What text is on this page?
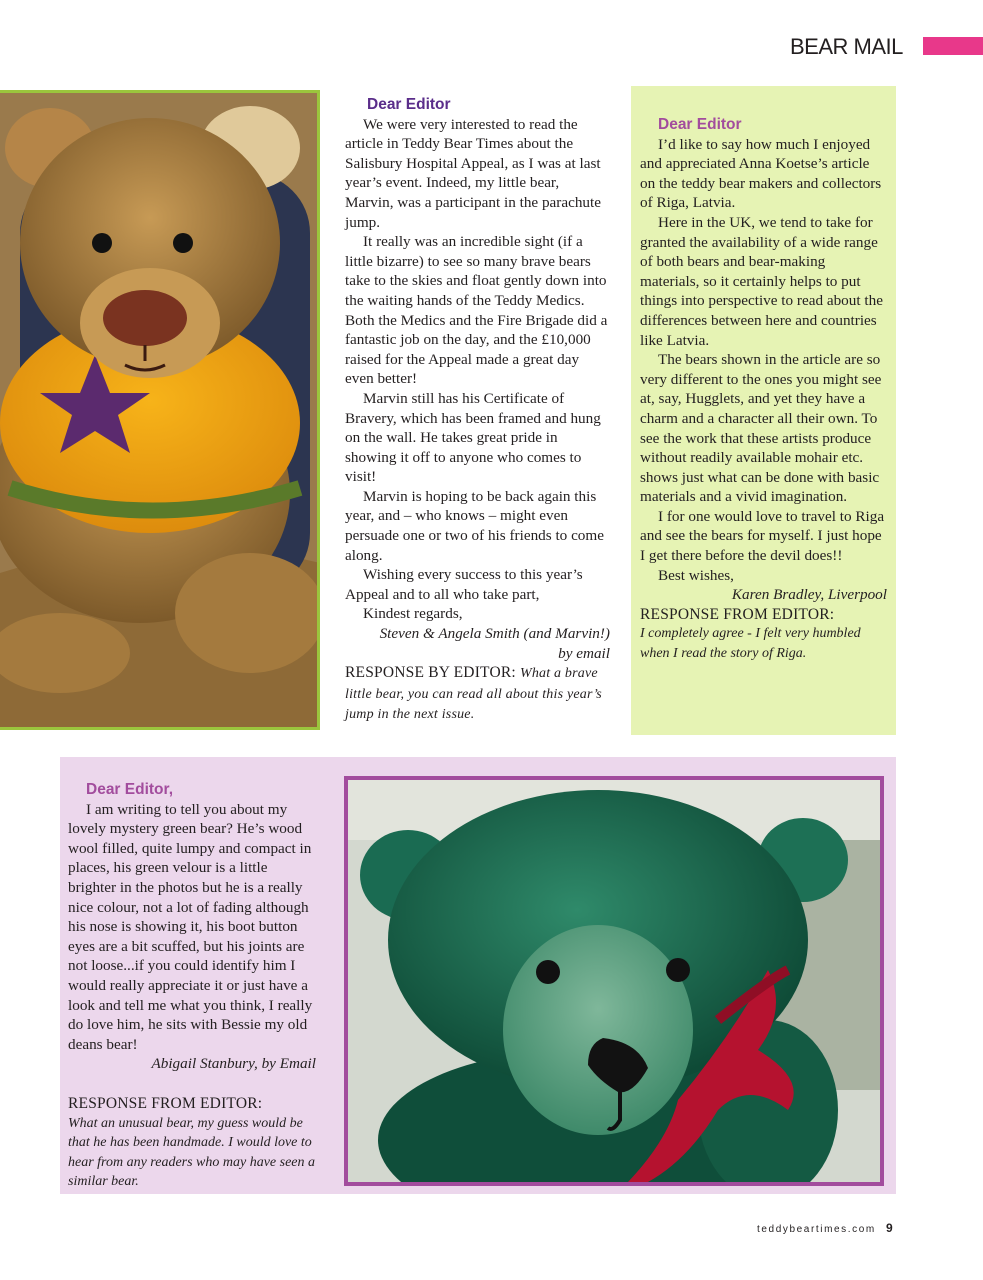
BEAR MAIL

Dear Editor

We were very interested to read the article in Teddy Bear Times about the Salisbury Hospital Appeal, as I was at last year’s event. Indeed, my little bear, Marvin, was a participant in the parachute jump.

It really was an incredible sight (if a little bizarre) to see so many brave bears take to the skies and float gently down into the waiting hands of the Teddy Medics. Both the Medics and the Fire Brigade did a fantastic job on the day, and the £10,000 raised for the Appeal made a great day even better!

Marvin still has his Certificate of Bravery, which has been framed and hung on the wall. He takes great pride in showing it off to anyone who comes to visit!

Marvin is hoping to be back again this year, and – who knows – might even persuade one or two of his friends to come along.

Wishing every success to this year’s Appeal and to all who take part,

Kindest regards,

Steven & Angela Smith (and Marvin!)

by email

RESPONSE BY EDITOR: What a brave little bear, you can read all about this year’s jump in the next issue.

Dear Editor

I’d like to say how much I enjoyed and appreciated Anna Koetse’s article on the teddy bear makers and collectors of Riga, Latvia.

Here in the UK, we tend to take for granted the availability of a wide range of both bears and bear-making materials, so it certainly helps to put things into perspective to read about the differences between here and countries like Latvia.

The bears shown in the article are so very different to the ones you might see at, say, Hugglets, and yet they have a charm and a character all their own. To see the work that these artists produce without readily available mohair etc. shows just what can be done with basic materials and a vivid imagination.

I for one would love to travel to Riga and see the bears for myself. I just hope I get there before the devil does!!

Best wishes,

Karen Bradley, Liverpool

RESPONSE FROM EDITOR:

I completely agree - I felt very humbled when I read the story of Riga.

Dear Editor,

I am writing to tell you about my lovely mystery green bear? He’s wood wool filled, quite lumpy and compact in places, his green velour is a little brighter in the photos but he is a really nice colour, not a lot of fading although his nose is showing it, his boot button eyes are a bit scuffed, but his joints are not loose...if you could identify him I would really appreciate it or just have a look and tell me what you think, I really do love him, he sits with Bessie my old deans bear!

Abigail Stanbury, by Email

RESPONSE FROM EDITOR:

What an unusual bear, my guess would be that he has been handmade. I would love to hear from any readers who may have seen a similar bear.

teddybeartimes.com 9
